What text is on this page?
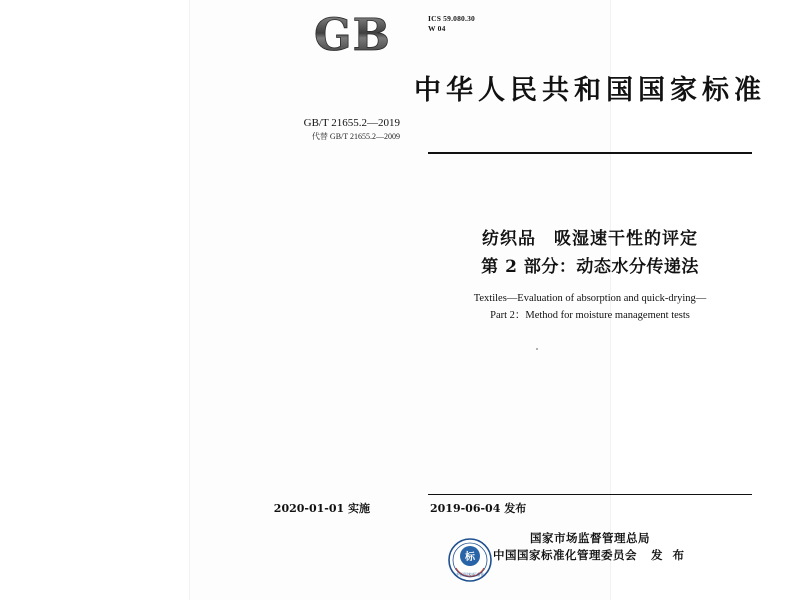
ICS 59.080.30
W 04
GB
中华人民共和国国家标准
GB/T 21655.2—2019
代替 GB/T 21655.2—2009
纺织品　吸湿速干性的评定
第 2 部分：动态水分传递法
Textiles—Evaluation of absorption and quick-drying—
Part 2：Method for moisture management tests
2019-06-04 发布
2020-01-01 实施
标
中国国家标准化
国家市场监督管理总局
中国国家标准化管理委员会 发 布
